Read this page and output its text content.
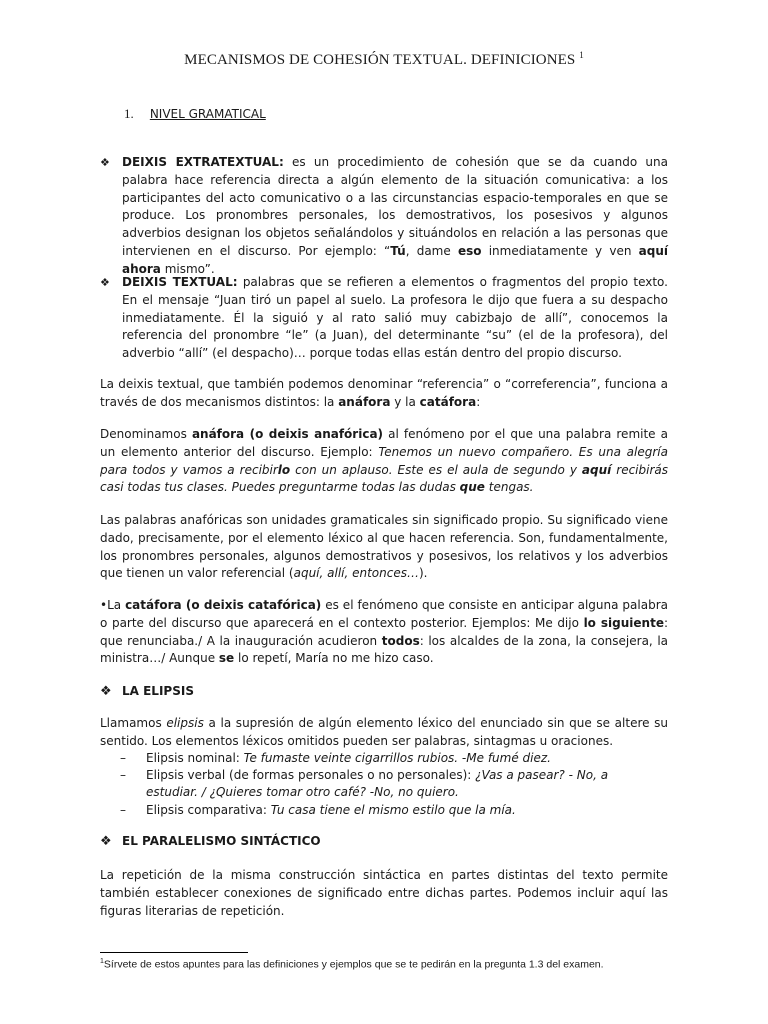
MECANISMOS DE COHESIÓN TEXTUAL. DEFINICIONES $^1$
1. NIVEL GRAMATICAL
❖ DEIXIS EXTRATEXTUAL: es un procedimiento de cohesión que se da cuando una palabra hace referencia directa a algún elemento de la situación comunicativa: a los participantes del acto comunicativo o a las circunstancias espacio-temporales en que se produce. Los pronombres personales, los demostrativos, los posesivos y algunos adverbios designan los objetos señalándolos y situándolos en relación a las personas que intervienen en el discurso. Por ejemplo: “Tú, dame eso inmediatamente y ven aquí ahora mismo”.
❖ DEIXIS TEXTUAL: palabras que se refieren a elementos o fragmentos del propio texto. En el mensaje “Juan tiró un papel al suelo. La profesora le dijo que fuera a su despacho inmediatamente. Él la siguió y al rato salió muy cabizbajo de allí”, conocemos la referencia del pronombre “le” (a Juan), del determinante “su” (el de la profesora), del adverbio “allí” (el despacho)… porque todas ellas están dentro del propio discurso.
La deixis textual, que también podemos denominar “referencia” o “correferencia”, funciona a través de dos mecanismos distintos: la anáfora y la catáfora:
Denominamos anáfora (o deixis anafórica) al fenómeno por el que una palabra remite a un elemento anterior del discurso. Ejemplo: Tenemos un nuevo compañero. Es una alegría para todos y vamos a recibirlo con un aplauso. Este es el aula de segundo y aquí recibirás casi todas tus clases. Puedes preguntarme todas las dudas que tengas.
Las palabras anafóricas son unidades gramaticales sin significado propio. Su significado viene dado, precisamente, por el elemento léxico al que hacen referencia. Son, fundamentalmente, los pronombres personales, algunos demostrativos y posesivos, los relativos y los adverbios que tienen un valor referencial (aquí, allí, entonces…).
•La catáfora (o deixis catafórica) es el fenómeno que consiste en anticipar alguna palabra o parte del discurso que aparecerá en el contexto posterior. Ejemplos: Me dijo lo siguiente: que renunciaba./ A la inauguración acudieron todos: los alcaldes de la zona, la consejera, la ministra…/ Aunque se lo repetí, María no me hizo caso.
❖ LA ELIPSIS
Llamamos elipsis a la supresión de algún elemento léxico del enunciado sin que se altere su sentido. Los elementos léxicos omitidos pueden ser palabras, sintagmas u oraciones.
– Elipsis nominal: Te fumaste veinte cigarrillos rubios. -Me fumé diez.
– Elipsis verbal (de formas personales o no personales): ¿Vas a pasear? - No, a estudiar. / ¿Quieres tomar otro café? -No, no quiero.
– Elipsis comparativa: Tu casa tiene el mismo estilo que la mía.
❖ EL PARALELISMO SINTÁCTICO
La repetición de la misma construcción sintáctica en partes distintas del texto permite también establecer conexiones de significado entre dichas partes. Podemos incluir aquí las figuras literarias de repetición.
$^1$Sírvete de estos apuntes para las definiciones y ejemplos que se te pedirán en la pregunta 1.3 del examen.
